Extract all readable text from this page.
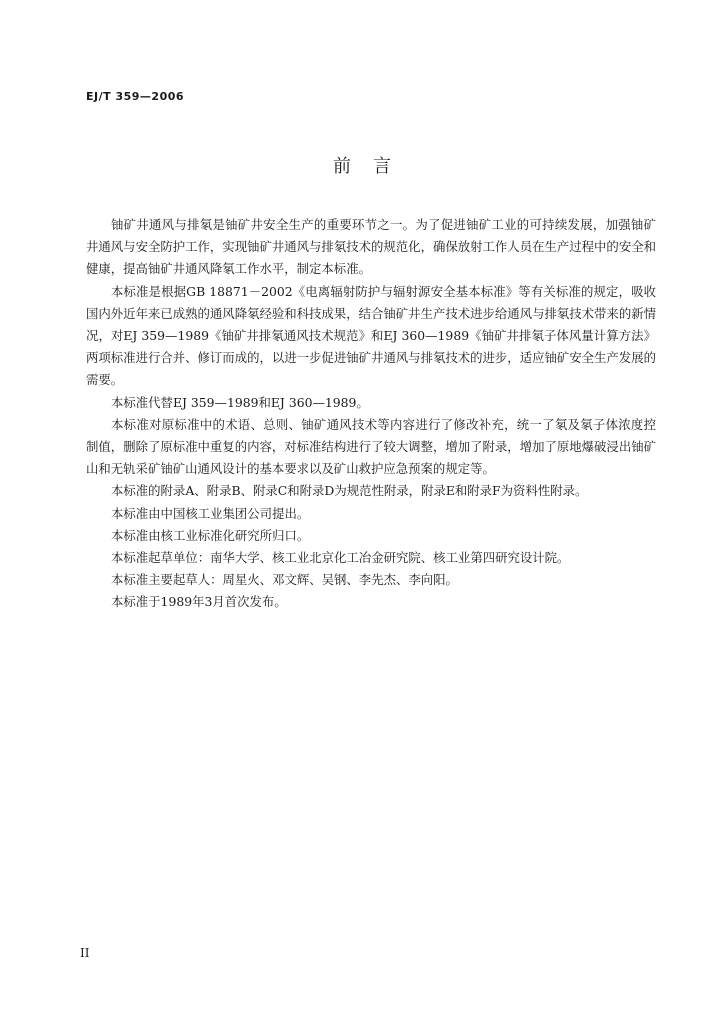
EJ/T 359—2006
前言

铀矿井通风与排氡是铀矿井安全生产的重要环节之一。为了促进铀矿工业的可持续发展，加强铀矿井通风与安全防护工作，实现铀矿井通风与排氡技术的规范化，确保放射工作人员在生产过程中的安全和健康，提高铀矿井通风降氡工作水平，制定本标准。

本标准是根据GB 18871－2002《电离辐射防护与辐射源安全基本标准》等有关标准的规定，吸收国内外近年来已成熟的通风降氡经验和科技成果，结合铀矿井生产技术进步给通风与排氡技术带来的新情况，对EJ 359—1989《铀矿井排氡通风技术规范》和EJ 360—1989《铀矿井排氡子体风量计算方法》两项标准进行合并、修订而成的，以进一步促进铀矿井通风与排氡技术的进步，适应铀矿安全生产发展的需要。

本标准代替EJ 359—1989和EJ 360—1989。

本标准对原标准中的术语、总则、铀矿通风技术等内容进行了修改补充，统一了氡及氡子体浓度控制值，删除了原标准中重复的内容，对标准结构进行了较大调整，增加了附录，增加了原地爆破浸出铀矿山和无轨采矿铀矿山通风设计的基本要求以及矿山救护应急预案的规定等。

本标准的附录A、附录B、附录C和附录D为规范性附录，附录E和附录F为资料性附录。

本标准由中国核工业集团公司提出。

本标准由核工业标准化研究所归口。

本标准起草单位：南华大学、核工业北京化工冶金研究院、核工业第四研究设计院。

本标准主要起草人：周星火、邓文辉、吴钢、李先杰、李向阳。

本标准于1989年3月首次发布。

II
